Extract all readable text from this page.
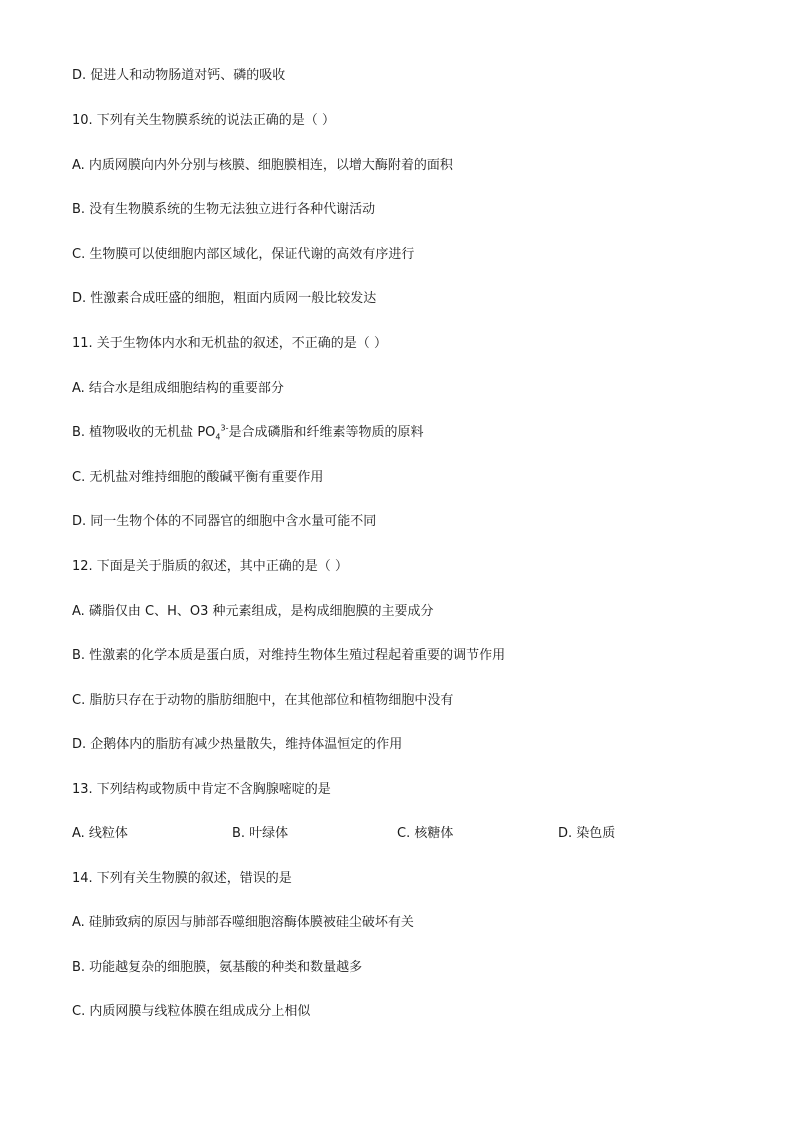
D. 促进人和动物肠道对钙、磷的吸收
10. 下列有关生物膜系统的说法正确的是（ ）
A. 内质网膜向内外分别与核膜、细胞膜相连，以增大酶附着的面积
B. 没有生物膜系统的生物无法独立进行各种代谢活动
C. 生物膜可以使细胞内部区域化，保证代谢的高效有序进行
D. 性激素合成旺盛的细胞，粗面内质网一般比较发达
11. 关于生物体内水和无机盐的叙述，不正确的是（ ）
A. 结合水是组成细胞结构的重要部分
B. 植物吸收的无机盐 $PO_4^{3-}$是合成磷脂和纤维素等物质的原料
C. 无机盐对维持细胞的酸碱平衡有重要作用
D. 同一生物个体的不同器官的细胞中含水量可能不同
12. 下面是关于脂质的叙述，其中正确的是（ ）
A. 磷脂仅由 C、H、O3 种元素组成，是构成细胞膜的主要成分
B. 性激素的化学本质是蛋白质，对维持生物体生殖过程起着重要的调节作用
C. 脂肪只存在于动物的脂肪细胞中，在其他部位和植物细胞中没有
D. 企鹅体内的脂肪有减少热量散失，维持体温恒定的作用
13. 下列结构或物质中肯定不含胸腺嘧啶的是
A. 线粒体	B. 叶绿体	C. 核糖体	D. 染色质
14. 下列有关生物膜的叙述，错误的是
A. 硅肺致病的原因与肺部吞噬细胞溶酶体膜被硅尘破坏有关
B. 功能越复杂的细胞膜，氨基酸的种类和数量越多
C. 内质网膜与线粒体膜在组成成分上相似
